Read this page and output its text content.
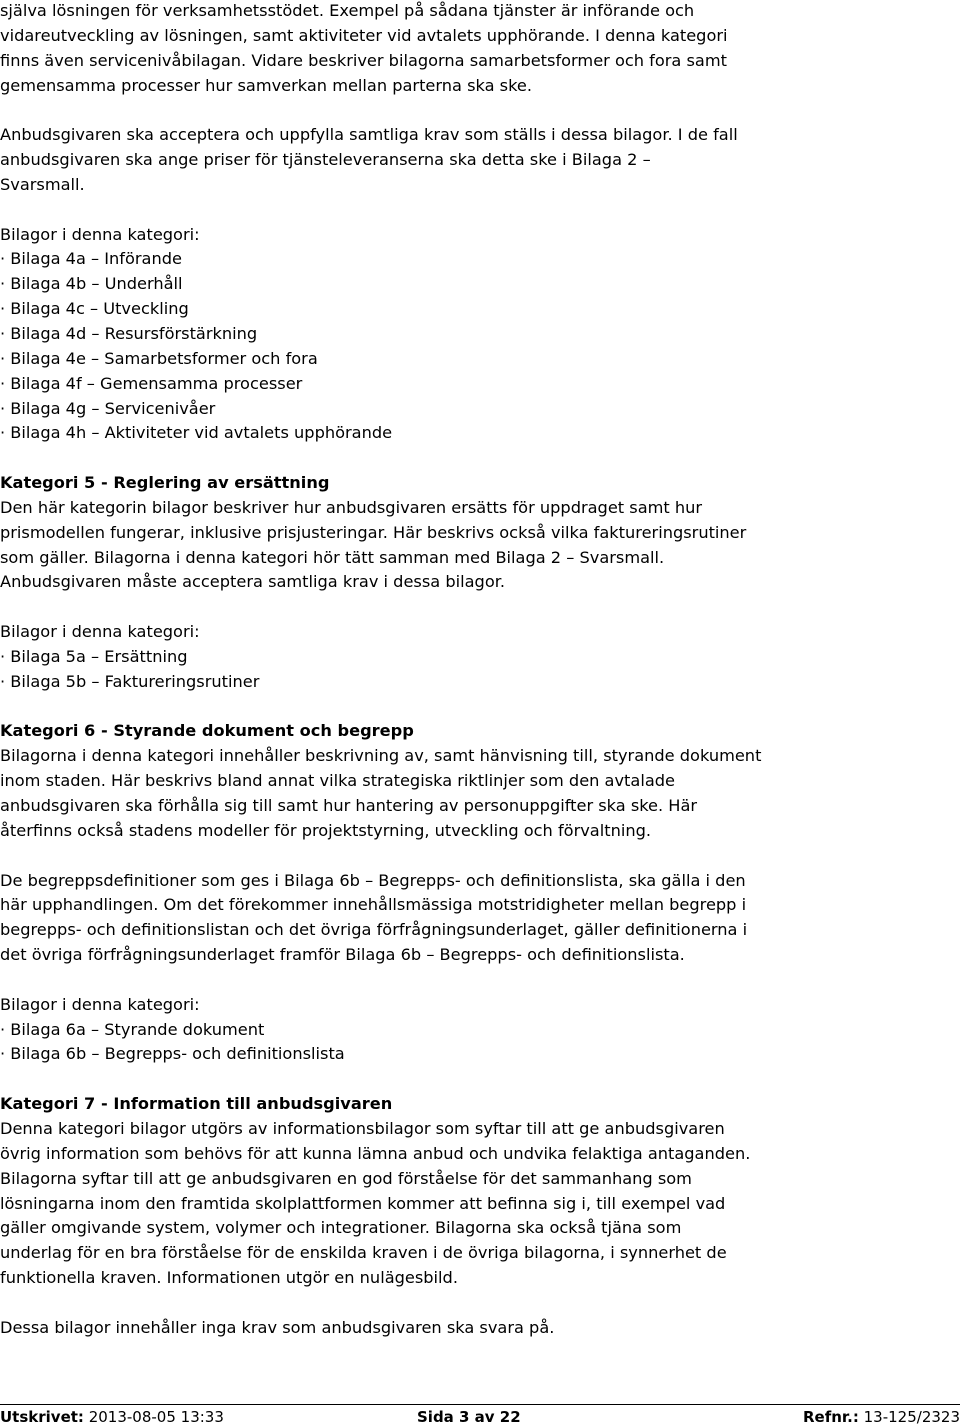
själva lösningen för verksamhetsstödet. Exempel på sådana tjänster är införande och
vidareutveckling av lösningen, samt aktiviteter vid avtalets upphörande. I denna kategori
finns även servicenivåbilagan. Vidare beskriver bilagorna samarbetsformer och fora samt
gemensamma processer hur samverkan mellan parterna ska ske.
Anbudsgivaren ska acceptera och uppfylla samtliga krav som ställs i dessa bilagor. I de fall
anbudsgivaren ska ange priser för tjänsteleveranserna ska detta ske i Bilaga 2 –
Svarsmall.
Bilagor i denna kategori:
· Bilaga 4a – Införande
· Bilaga 4b – Underhåll
· Bilaga 4c – Utveckling
· Bilaga 4d – Resursförstärkning
· Bilaga 4e – Samarbetsformer och fora
· Bilaga 4f – Gemensamma processer
· Bilaga 4g – Servicenivåer
· Bilaga 4h – Aktiviteter vid avtalets upphörande
Kategori 5 - Reglering av ersättning
Den här kategorin bilagor beskriver hur anbudsgivaren ersätts för uppdraget samt hur
prismodellen fungerar, inklusive prisjusteringar. Här beskrivs också vilka faktureringsrutiner
som gäller. Bilagorna i denna kategori hör tätt samman med Bilaga 2 – Svarsmall.
Anbudsgivaren måste acceptera samtliga krav i dessa bilagor.
Bilagor i denna kategori:
· Bilaga 5a – Ersättning
· Bilaga 5b – Faktureringsrutiner
Kategori 6 - Styrande dokument och begrepp
Bilagorna i denna kategori innehåller beskrivning av, samt hänvisning till, styrande dokument
inom staden. Här beskrivs bland annat vilka strategiska riktlinjer som den avtalade
anbudsgivaren ska förhålla sig till samt hur hantering av personuppgifter ska ske. Här
återfinns också stadens modeller för projektstyrning, utveckling och förvaltning.
De begreppsdefinitioner som ges i Bilaga 6b – Begrepps- och definitionslista, ska gälla i den
här upphandlingen. Om det förekommer innehållsmässiga motstridigheter mellan begrepp i
begrepps- och definitionslistan och det övriga förfrågningsunderlaget, gäller definitionerna i
det övriga förfrågningsunderlaget framför Bilaga 6b – Begrepps- och definitionslista.
Bilagor i denna kategori:
· Bilaga 6a – Styrande dokument
· Bilaga 6b – Begrepps- och definitionslista
Kategori 7 - Information till anbudsgivaren
Denna kategori bilagor utgörs av informationsbilagor som syftar till att ge anbudsgivaren
övrig information som behövs för att kunna lämna anbud och undvika felaktiga antaganden.
Bilagorna syftar till att ge anbudsgivaren en god förståelse för det sammanhang som
lösningarna inom den framtida skolplattformen kommer att befinna sig i, till exempel vad
gäller omgivande system, volymer och integrationer. Bilagorna ska också tjäna som
underlag för en bra förståelse för de enskilda kraven i de övriga bilagorna, i synnerhet de
funktionella kraven. Informationen utgör en nulägesbild.
Dessa bilagor innehåller inga krav som anbudsgivaren ska svara på.
Utskrivet: 2013-08-05 13:33	Sida 3 av 22	Refnr.: 13-125/2323
